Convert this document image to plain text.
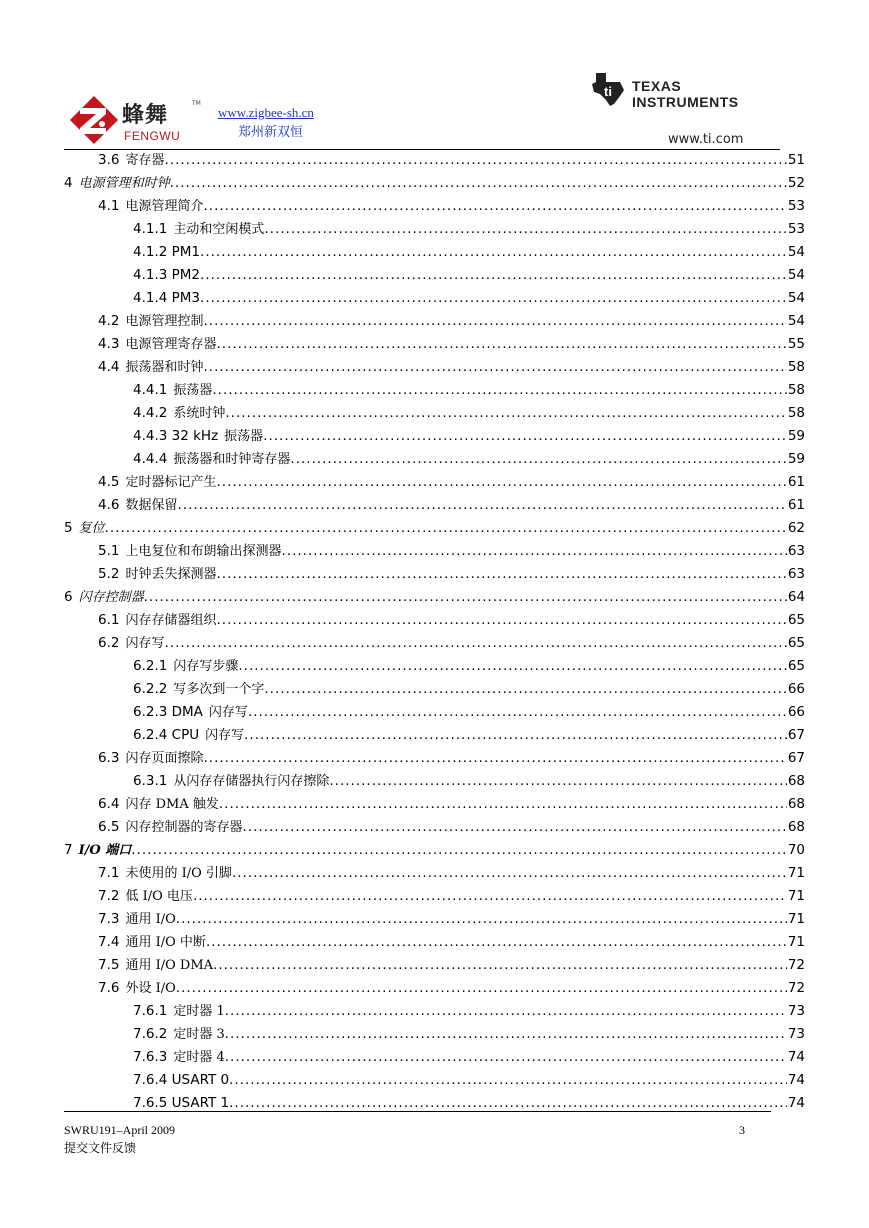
蜂舞	TM
FENGWU
www.zigbee-sh.cn
郑州新双恒
ti TEXAS
INSTRUMENTS
www.ti.com
3.6 寄存器 .....	51
4 电源管理和时钟 .....	52
4.1 电源管理简介 .....	53
4.1.1 主动和空闲模式 .....	53
4.1.2 PM1 .....	54
4.1.3 PM2 .....	54
4.1.4 PM3 .....	54
4.2 电源管理控制 .....	54
4.3 电源管理寄存器 .....	55
4.4 振荡器和时钟 .....	58
4.4.1 振荡器 .....	58
4.4.2 系统时钟 .....	58
4.4.3 32 kHz 振荡器 .....	59
4.4.4 振荡器和时钟寄存器 .....	59
4.5 定时器标记产生 .....	61
4.6 数据保留 .....	61
5 复位 .....	62
5.1 上电复位和布朗输出探测器 .....	63
5.2 时钟丢失探测器 .....	63
6 闪存控制器 .....	64
6.1 闪存存储器组织 .....	65
6.2 闪存写 .....	65
6.2.1 闪存写步骤 .....	65
6.2.2 写多次到一个字 .....	66
6.2.3 DMA 闪存写 .....	66
6.2.4 CPU 闪存写 .....	67
6.3 闪存页面擦除 .....	67
6.3.1 从闪存存储器执行闪存擦除 .....	68
6.4 闪存 DMA 触发 .....	68
6.5 闪存控制器的寄存器 .....	68
7 I/O 端口 .....	70
7.1 未使用的 I/O 引脚 .....	71
7.2 低 I/O 电压 .....	71
7.3 通用 I/O .....	71
7.4 通用 I/O 中断 .....	71
7.5 通用 I/O DMA .....	72
7.6 外设 I/O .....	72
7.6.1 定时器 1 .....	73
7.6.2 定时器 3 .....	73
7.6.3 定时器 4 .....	74
7.6.4 USART 0 .....	74
7.6.5 USART 1 .....	74
SWRU191–April 2009
提交文件反馈
3
